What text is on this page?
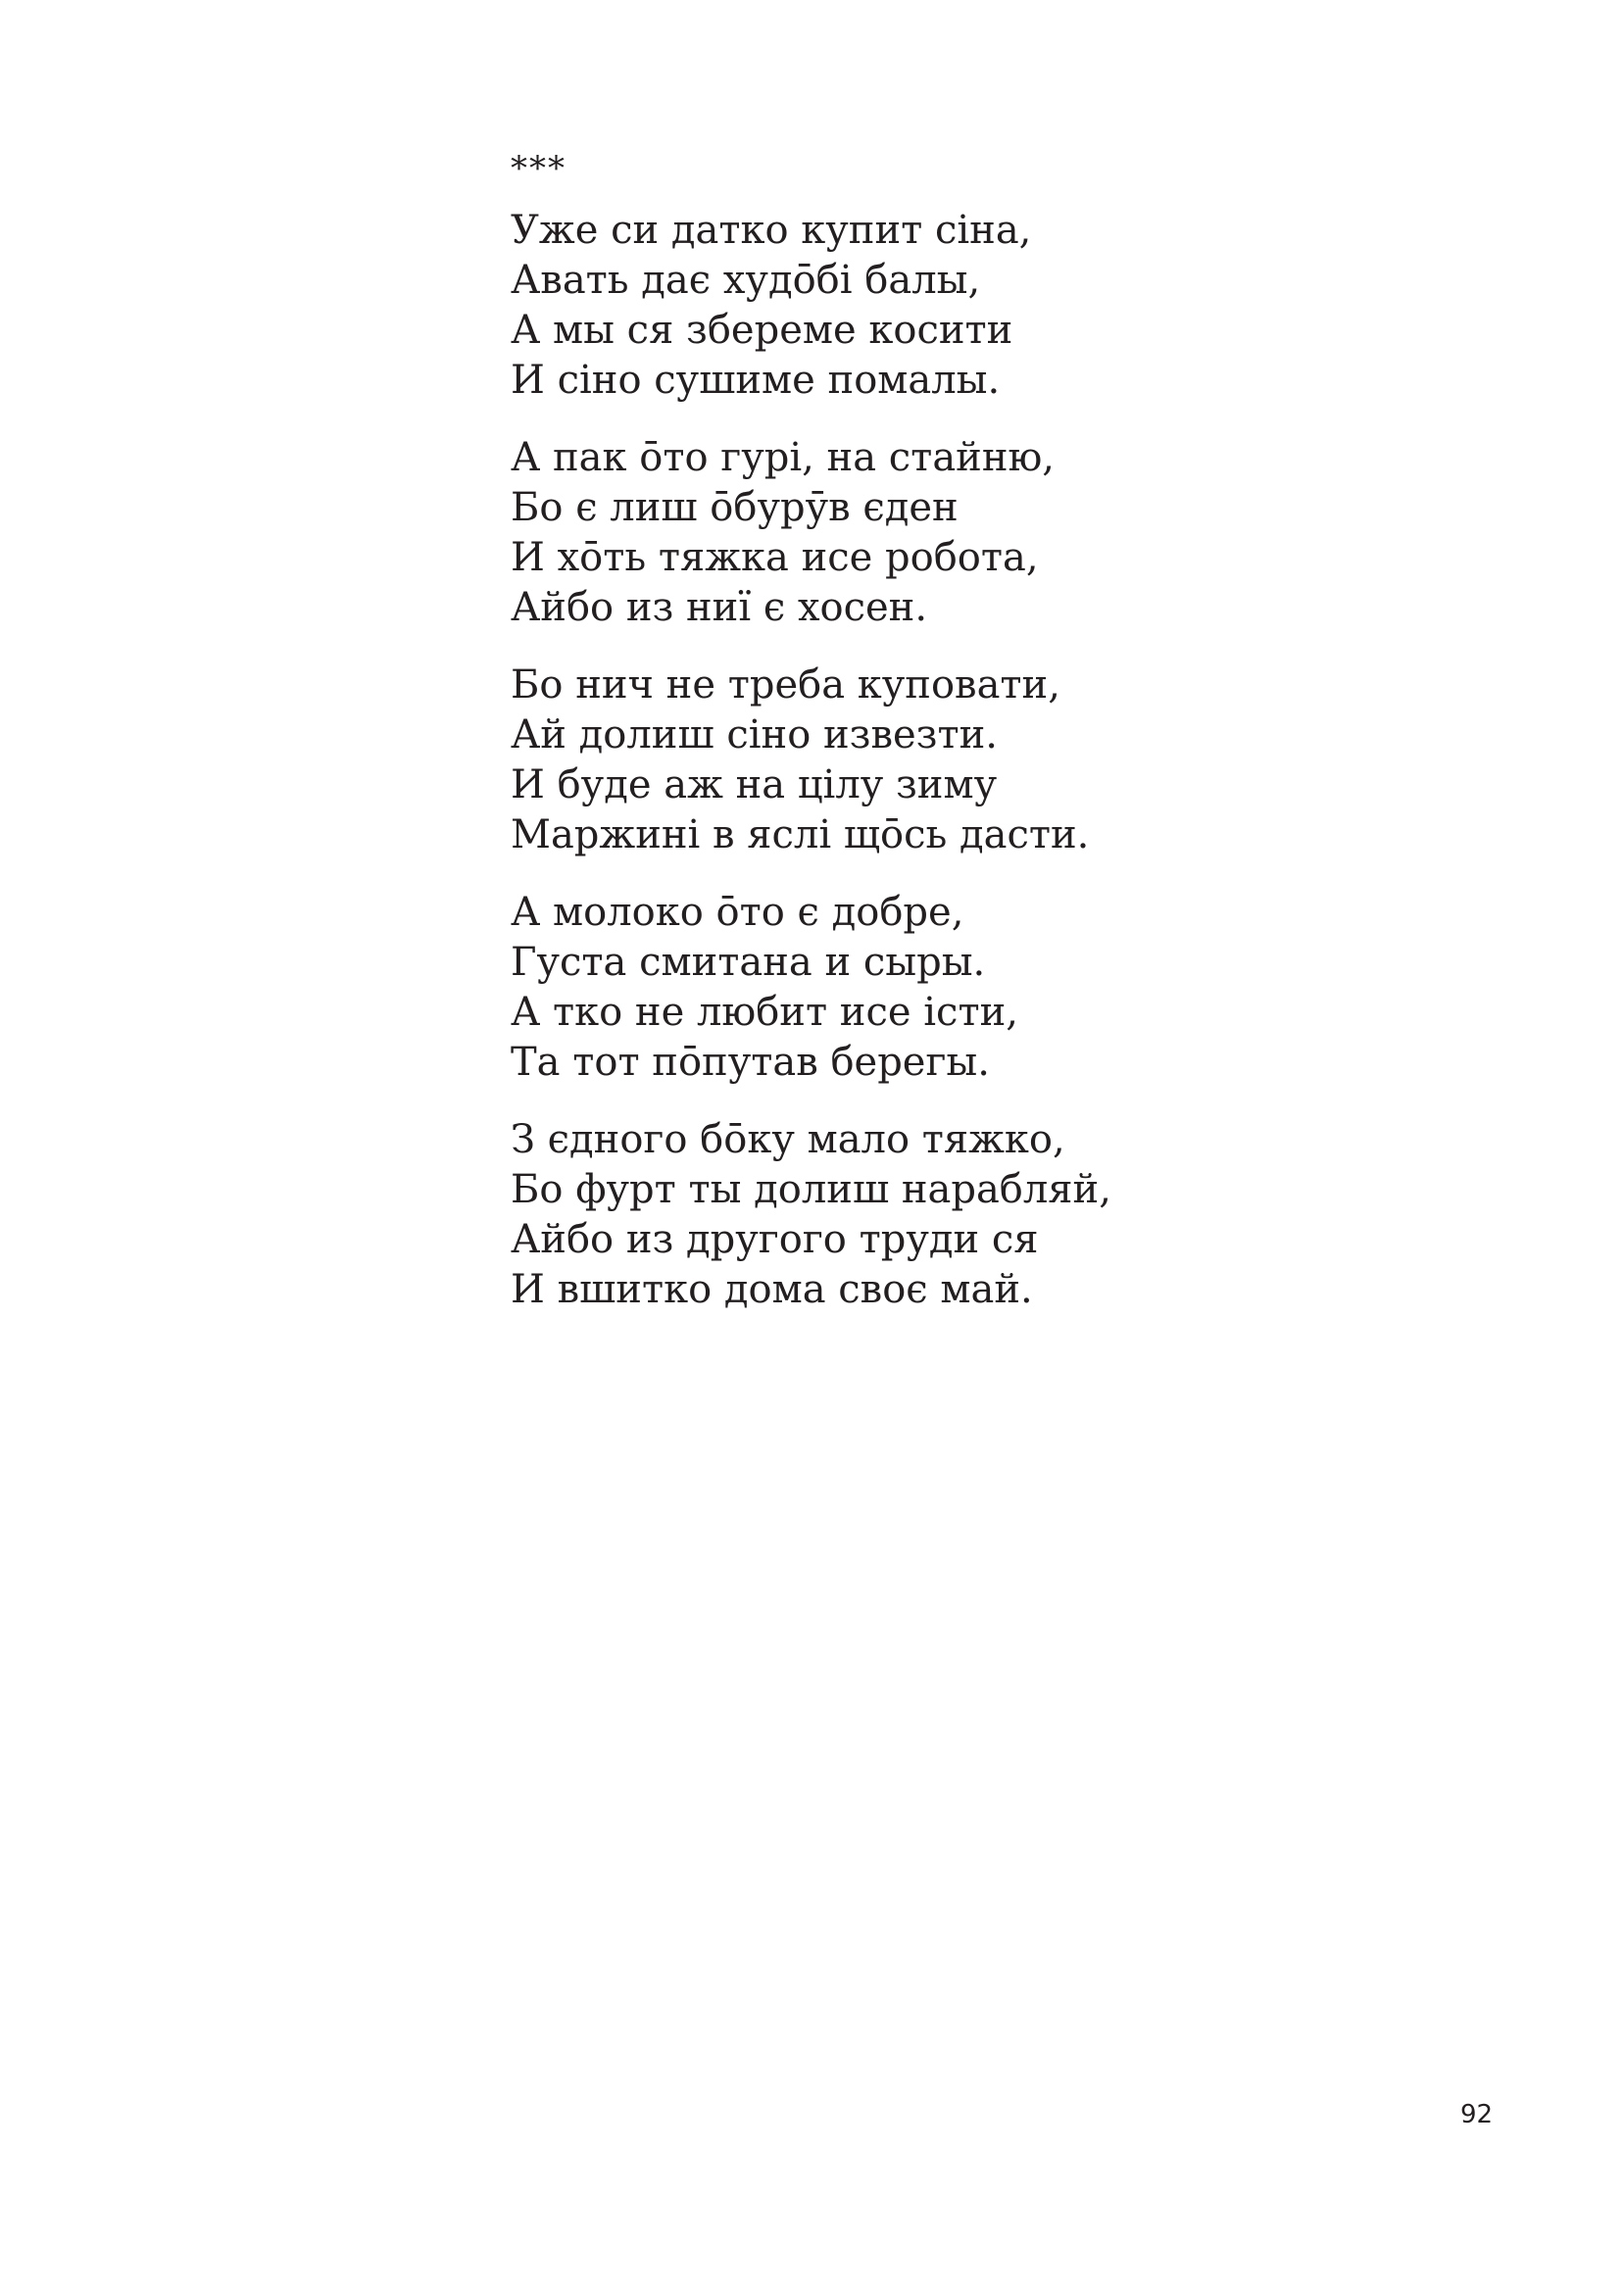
***
Уже си датко купит сіна,
Авать дає худōбі балы,
А мы ся збереме косити
И сіно сушиме помалы.
А пак ōто гурі, на стайню,
Бо є лиш ōбурӯв єден
И хōть тяжка исе робота,
Айбо из ниї є хосен.
Бо нич не треба куповати,
Ай долиш сіно извезти.
И буде аж на цілу зиму
Маржині в яслі щōсь дасти.
А молоко ōто є добре,
Густа смитана и сыры.
А тко не любит исе істи,
Та тот пōпутав берегы.
З єдного бōку мало тяжко,
Бо фурт ты долиш нарабляй,
Айбо из другого труди ся
И вшитко дома своє май.
92
